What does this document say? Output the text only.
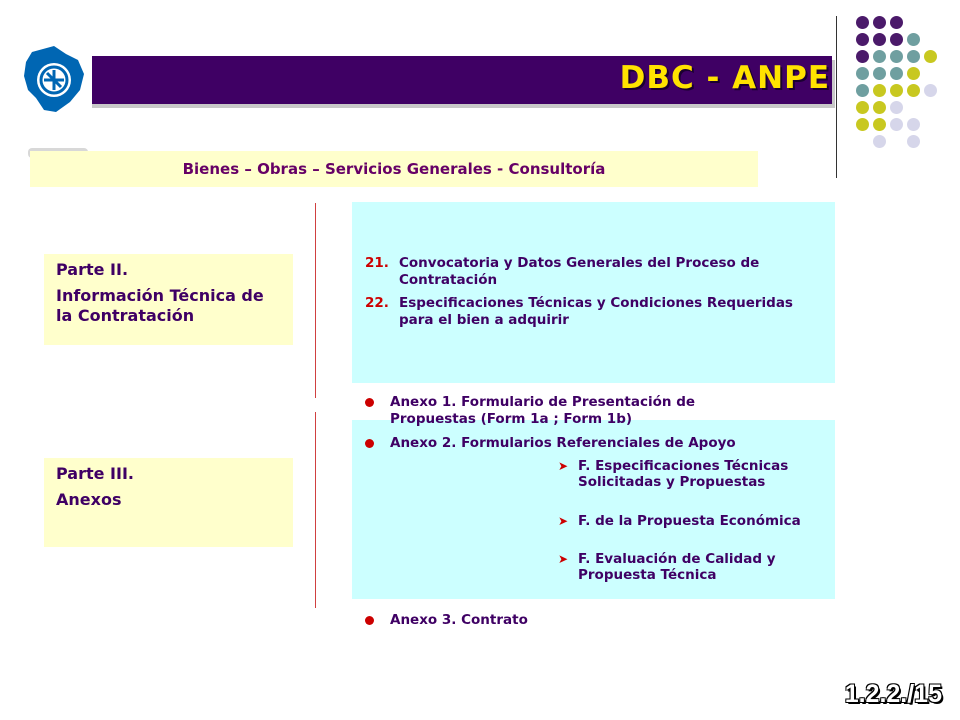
DBC - ANPE
Bienes – Obras – Servicios Generales - Consultoría

Parte II.

Información Técnica de la Contratación

Parte III.

Anexos

21. Convocatoria y Datos Generales del Proceso de Contratación
22. Especificaciones Técnicas y Condiciones Requeridas para el bien a adquirir
Anexo 1. Formulario de Presentación de Propuestas (Form 1a ; Form 1b)
Anexo 2. Formularios Referenciales de Apoyo
Anexo 3. Contrato
➤ F. Especificaciones Técnicas Solicitadas y Propuestas
➤ F. de la Propuesta Económica
➤ F. Evaluación de Calidad y Propuesta Técnica
1.2.2./15
